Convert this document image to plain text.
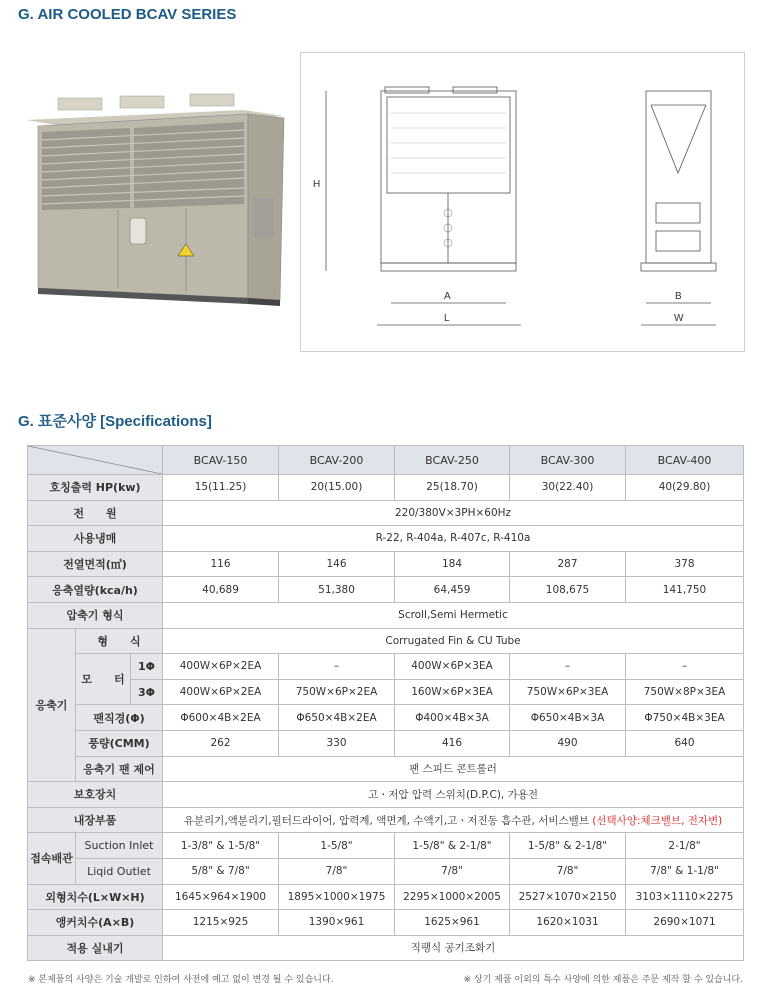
G. AIR COOLED BCAV SERIES
H
A
L
B
W
G. 표준사양 [Specifications]
	BCAV-150	BCAV-200	BCAV-250	BCAV-300	BCAV-400
호칭출력 HP(kw)			15(11.25)	20(15.00)	25(18.70)	30(22.40)	40(29.80)
전　　원			220/380V×3PH×60Hz				
사용냉매			R-22, R-404a, R-407c, R-410a				
전열면적(㎡)			116	146	184	287	378
응축열량(kca/h)			40,689	51,380	64,459	108,675	141,750
압축기 형식			Scroll,Semi Hermetic				
응축기	형　　식		Corrugated Fin & CU Tube				
	모　　터	1Φ	400W×6P×2EA	–	400W×6P×3EA	–	–
		3Φ	400W×6P×2EA	750W×6P×2EA	160W×6P×3EA	750W×6P×3EA	750W×8P×3EA
	팬직경(Φ)		Φ600×4B×2EA	Φ650×4B×2EA	Φ400×4B×3A	Φ650×4B×3A	Φ750×4B×3EA
	풍량(CMM)		262	330	416	490	640
	응축기 팬 제어		팬 스피드 콘트롤러				
보호장치			고ㆍ저압 압력 스위치(D.P.C), 가용전				
내장부품			유분리기,액분리기,필터드라이어, 압력계, 액면계, 수액기,고ㆍ저진동 흡수관, 서비스밸브 (선택사양:체크밸브, 전자변)				
접속배관	Suction Inlet		1-3/8" & 1-5/8"	1-5/8"	1-5/8" & 2-1/8"	1-5/8" & 2-1/8"	2-1/8"
	Liqid Outlet		5/8" & 7/8"	7/8"	7/8"	7/8"	7/8" & 1-1/8"
외형치수(L×W×H)			1645×964×1900	1895×1000×1975	2295×1000×2005	2527×1070×2150	3103×1110×2275
앵커치수(A×B)			1215×925	1390×961	1625×961	1620×1031	2690×1071
적용 실내기			직팽식 공기조화기				
※ 본제품의 사양은 기술 개발로 인하여 사전에 예고 없이 변경 될 수 있습니다.	※ 상기 제품 이외의 특수 사양에 의한 제품은 주문 제작 할 수 있습니다.
